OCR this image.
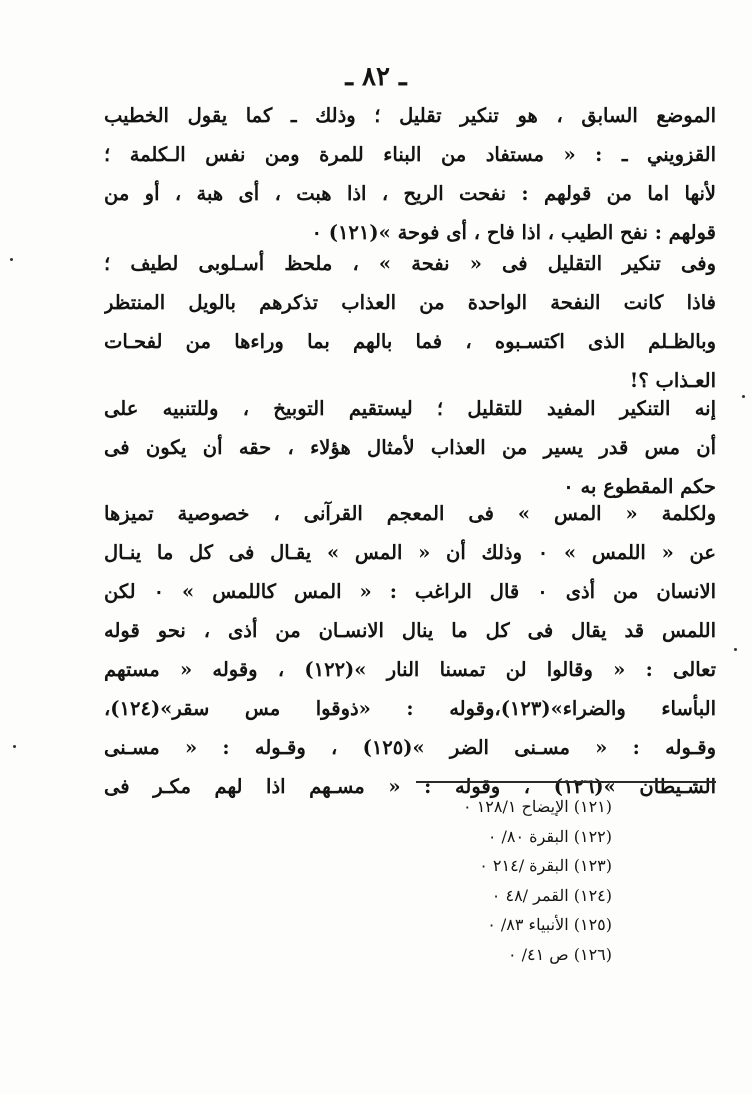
ـ ٨٢ ـ
الموضع السابق ، هو تنكير تقليل ؛ وذلك ـ كما يقول الخطيب
القزويني ـ : « مستفاد من البناء للمرة ومن نفس الـكلمة ؛
لأنها اما من قولهم : نفحت الريح ، اذا هبت ، أى هبة ، أو من
قولهم : نفح الطيب ، اذا فاح ، أى فوحة »(١٢١) ٠
وفى تنكير التقليل فى « نفحة » ، ملحظ أسـلوبى لطيف ؛
فاذا كانت النفحة الواحدة من العذاب تذكرهم بالويل المنتظر
وبالظـلم الذى اكتسـبوه ، فما بالهم بما وراءها من لفحـات
العـذاب ؟!
إنه التنكير المفيد للتقليل ؛ ليستقيم التوبيخ ، وللتنبيه على
أن مس قدر يسير من العذاب لأمثال هؤلاء ، حقه أن يكون فى
حكم المقطوع به ٠
ولكلمة « المس » فى المعجم القرآنى ، خصوصية تميزها
عن « اللمس » ٠ وذلك أن « المس » يقـال فى كل ما ينـال
الانسان من أذى ٠ قال الراغب : « المس كاللمس » ٠ لكن
اللمس قد يقال فى كل ما ينال الانسـان من أذى ، نحو قوله
تعالى : « وقالوا لن تمسنا النار »(١٢٢) ، وقوله « مستهم
البأساء والضراء»(١٢٣)،وقوله : «ذوقوا مس سقر»(١٢٤)،
وقـوله : « مسـنى الضر »(١٢٥) ، وقـوله : « مسـنى
الشـيطان »(١٢٦) ، وقوله : « مسـهم اذا لهم مكـر فى
(١٢١) الإيضاح ١٢٨/١ ٠
(١٢٢) البقرة ٨٠/ ٠
(١٢٣) البقرة /٢١٤ ٠
(١٢٤) القمر /٤٨ ٠
(١٢٥) الأنبياء ٨٣/ ٠
(١٢٦) ص ٤١/ ٠
